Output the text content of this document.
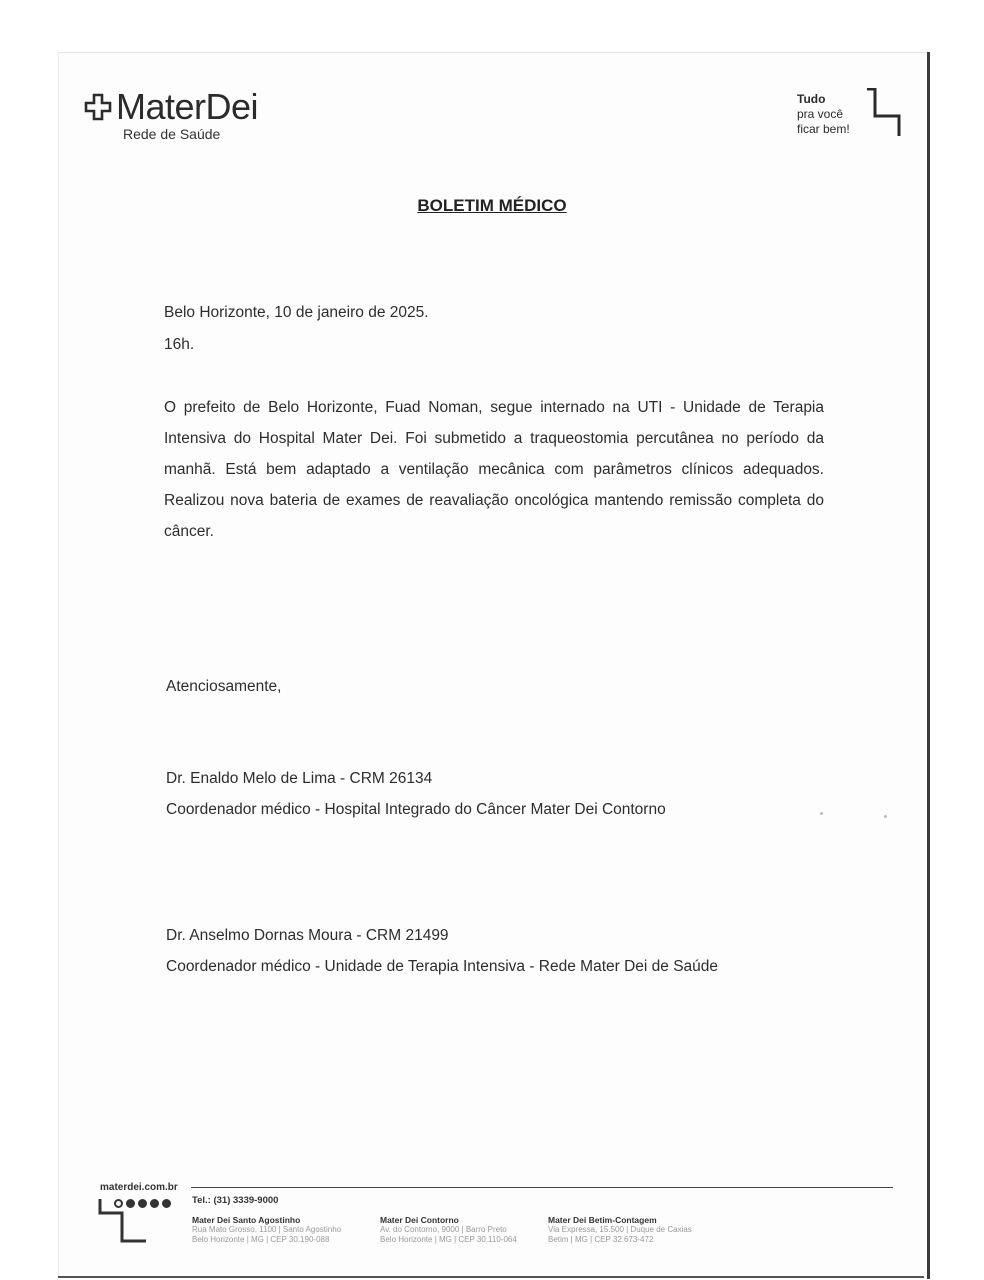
MaterDei
Rede de Saúde
Tudo
pra você
ficar bem!
BOLETIM MÉDICO
Belo Horizonte, 10 de janeiro de 2025.
16h.
O prefeito de Belo Horizonte, Fuad Noman, segue internado na UTI - Unidade de Terapia Intensiva do Hospital Mater Dei. Foi submetido a traqueostomia percutânea no período da manhã. Está bem adaptado a ventilação mecânica com parâmetros clínicos adequados. Realizou nova bateria de exames de reavaliação oncológica mantendo remissão completa do câncer.
Atenciosamente,
Dr. Enaldo Melo de Lima - CRM 26134
Coordenador médico - Hospital Integrado do Câncer Mater Dei Contorno
Dr. Anselmo Dornas Moura - CRM 21499
Coordenador médico - Unidade de Terapia Intensiva - Rede Mater Dei de Saúde
materdei.com.br
Tel.: (31) 3339-9000
Mater Dei Santo Agostinho
Rua Mato Grosso, 1100 | Santo Agostinho
Belo Horizonte | MG | CEP 30.190-088
Mater Dei Contorno
Av. do Contorno, 9000 | Barro Preto
Belo Horizonte | MG | CEP 30.110-064
Mater Dei Betim-Contagem
Via Expressa, 15.500 | Duque de Caxias
Betim | MG | CEP 32.673-472
